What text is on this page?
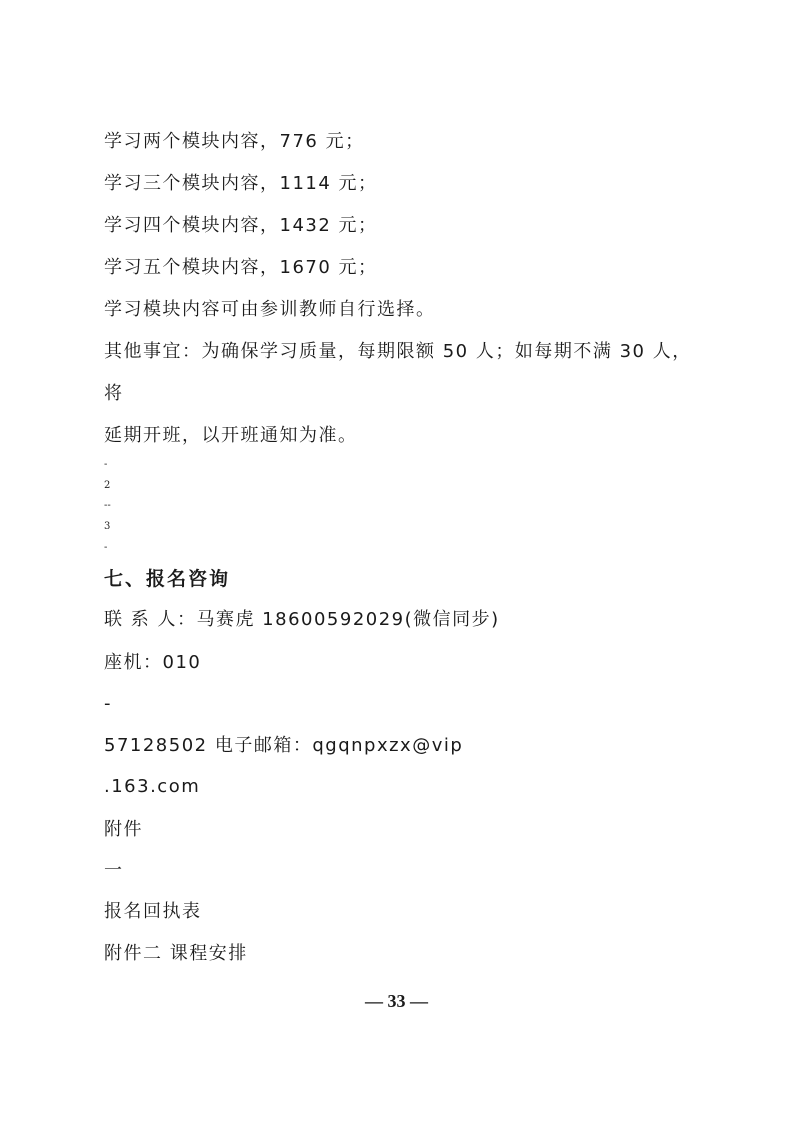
学习两个模块内容，776 元；
学习三个模块内容，1114 元；
学习四个模块内容，1432 元；
学习五个模块内容，1670 元；
学习模块内容可由参训教师自行选择。
其他事宜：为确保学习质量，每期限额 50 人；如每期不满 30 人，
将
延期开班，以开班通知为准。
-
2
--
3
-
七、报名咨询
联 系 人：马赛虎 18600592029(微信同步)
座机：010
-
57128502 电子邮箱：qgqnpxzx@vip
.163.com
附件
一
报名回执表
附件二 课程安排
— 33 —
